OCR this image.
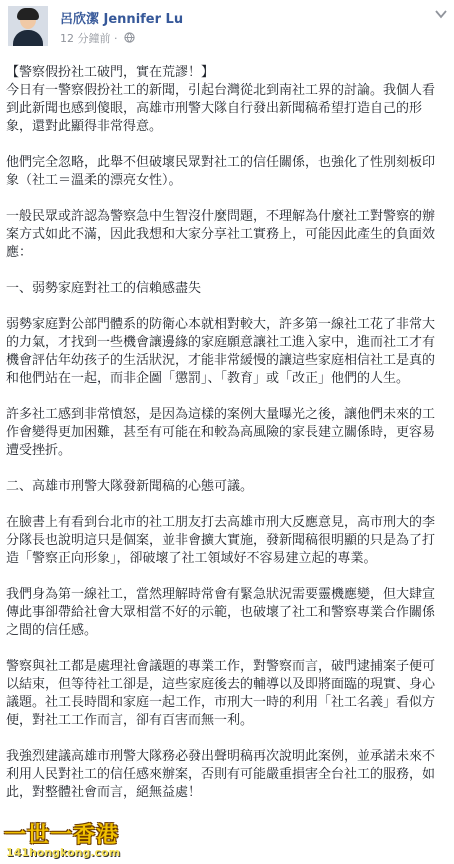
呂欣潔 Jennifer Lu
12 分鐘前 ·

【警察假扮社工破門，實在荒謬！】

今日有一警察假扮社工的新聞，引起台灣從北到南社工界的討論。我個人看到此新聞也感到傻眼，高雄市刑警大隊自行發出新聞稿希望打造自己的形象，還對此顯得非常得意。

他們完全忽略，此舉不但破壞民眾對社工的信任關係，也強化了性別刻板印象（社工＝溫柔的漂亮女性）。

一般民眾或許認為警察急中生智沒什麼問題，不理解為什麼社工對警察的辦案方式如此不滿，因此我想和大家分享社工實務上，可能因此產生的負面效應：

一、弱勢家庭對社工的信賴感盡失

弱勢家庭對公部門體系的防衛心本就相對較大，許多第一線社工花了非常大的力氣，才找到一些機會讓邊緣的家庭願意讓社工進入家中，進而社工才有機會評估年幼孩子的生活狀況，才能非常緩慢的讓這些家庭相信社工是真的和他們站在一起，而非企圖「懲罰」、「教育」或「改正」他們的人生。

許多社工感到非常憤怒，是因為這樣的案例大量曝光之後，讓他們未來的工作會變得更加困難，甚至有可能在和較為高風險的家長建立關係時，更容易遭受挫折。

二、高雄市刑警大隊發新聞稿的心態可議。

在臉書上有看到台北市的社工朋友打去高雄市刑大反應意見，高市刑大的李分隊長也說明這只是個案，並非會擴大實施，發新聞稿很明顯的只是為了打造「警察正向形象」，卻破壞了社工領域好不容易建立起的專業。

我們身為第一線社工，當然理解時常會有緊急狀況需要靈機應變，但大肆宣傳此事卻帶給社會大眾相當不好的示範，也破壞了社工和警察專業合作關係之間的信任感。

警察與社工都是處理社會議題的專業工作，對警察而言，破門逮捕案子便可以結束，但等待社工卻是，這些家庭後去的輔導以及即將面臨的現實、身心議題。社工長時間和家庭一起工作，市刑大一時的利用「社工名義」看似方便，對社工工作而言，卻有百害而無一利。

我強烈建議高雄市刑警大隊務必發出聲明稿再次說明此案例，並承諾未來不利用人民對社工的信任感來辦案，否則有可能嚴重損害全台社工的服務，如此，對整體社會而言，絕無益處！

一世一香港
141hongkong.com
